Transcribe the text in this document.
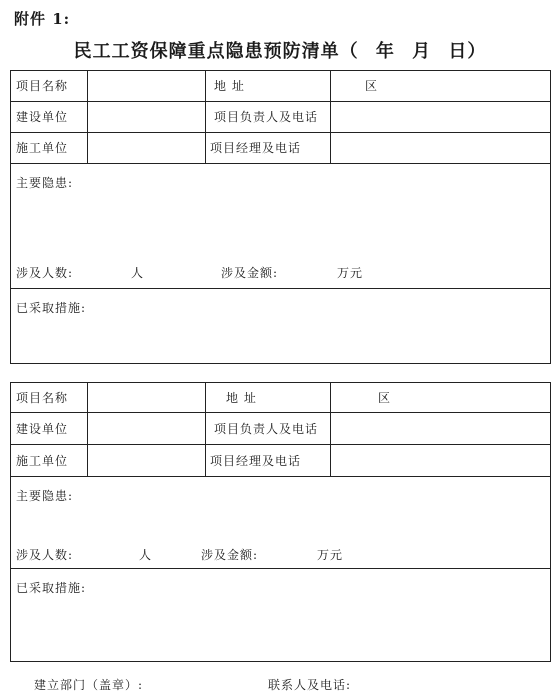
附件 1:
民工工资保障重点隐患预防清单（ 年 月 日）
项目名称	地 址	区
建设单位	项目负责人及电话
施工单位	项目经理及电话
主要隐患:
涉及人数:	人	涉及金额:	万元
已采取措施:
项目名称	地 址	区
建设单位	项目负责人及电话
施工单位	项目经理及电话
主要隐患:
涉及人数:	人	涉及金额:	万元
已采取措施:
建立部门（盖章）:	联系人及电话:
